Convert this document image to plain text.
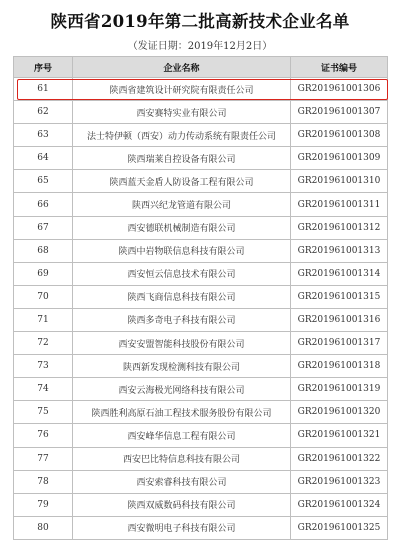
陕西省2019年第二批高新技术企业名单
（发证日期：2019年12月2日）
序号	企业名称	证书编号
61	陕西省建筑设计研究院有限责任公司	GR201961001306
62	西安赛特实业有限公司	GR201961001307
63	法士特伊顿（西安）动力传动系统有限责任公司	GR201961001308
64	陕西瑞莱自控设备有限公司	GR201961001309
65	陕西蓝天金盾人防设备工程有限公司	GR201961001310
66	陕西兴纪龙管道有限公司	GR201961001311
67	西安德联机械制造有限公司	GR201961001312
68	陕西中岩物联信息科技有限公司	GR201961001313
69	西安恒云信息技术有限公司	GR201961001314
70	陕西飞商信息科技有限公司	GR201961001315
71	陕西多奇电子科技有限公司	GR201961001316
72	西安安盟智能科技股份有限公司	GR201961001317
73	陕西新发现检测科技有限公司	GR201961001318
74	西安云海极光网络科技有限公司	GR201961001319
75	陕西胜利高原石油工程技术服务股份有限公司	GR201961001320
76	西安峰华信息工程有限公司	GR201961001321
77	西安巴比特信息科技有限公司	GR201961001322
78	西安索睿科技有限公司	GR201961001323
79	陕西双威数码科技有限公司	GR201961001324
80	西安微明电子科技有限公司	GR201961001325
